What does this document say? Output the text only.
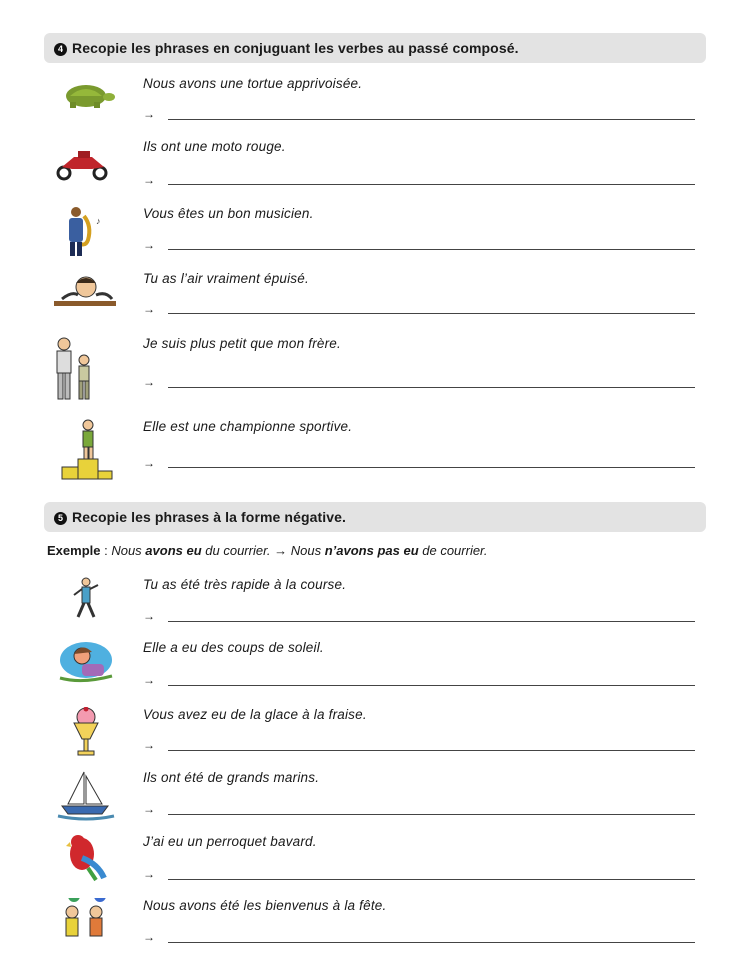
4 Recopie les phrases en conjuguant les verbes au passé composé.
Nous avons une tortue apprivoisée.
→
Ils ont une moto rouge.
→
♪	Vous êtes un bon musicien.
→
Tu as l’air vraiment épuisé.
→
Je suis plus petit que mon frère.
→
Elle est une championne sportive.
→
5 Recopie les phrases à la forme négative.
Exemple : Nous avons eu du courrier. → Nous n’avons pas eu de courrier.
Tu as été très rapide à la course.
→
Elle a eu des coups de soleil.
→
Vous avez eu de la glace à la fraise.
→
Ils ont été de grands marins.
→
J’ai eu un perroquet bavard.
→
Nous avons été les bienvenus à la fête.
→
